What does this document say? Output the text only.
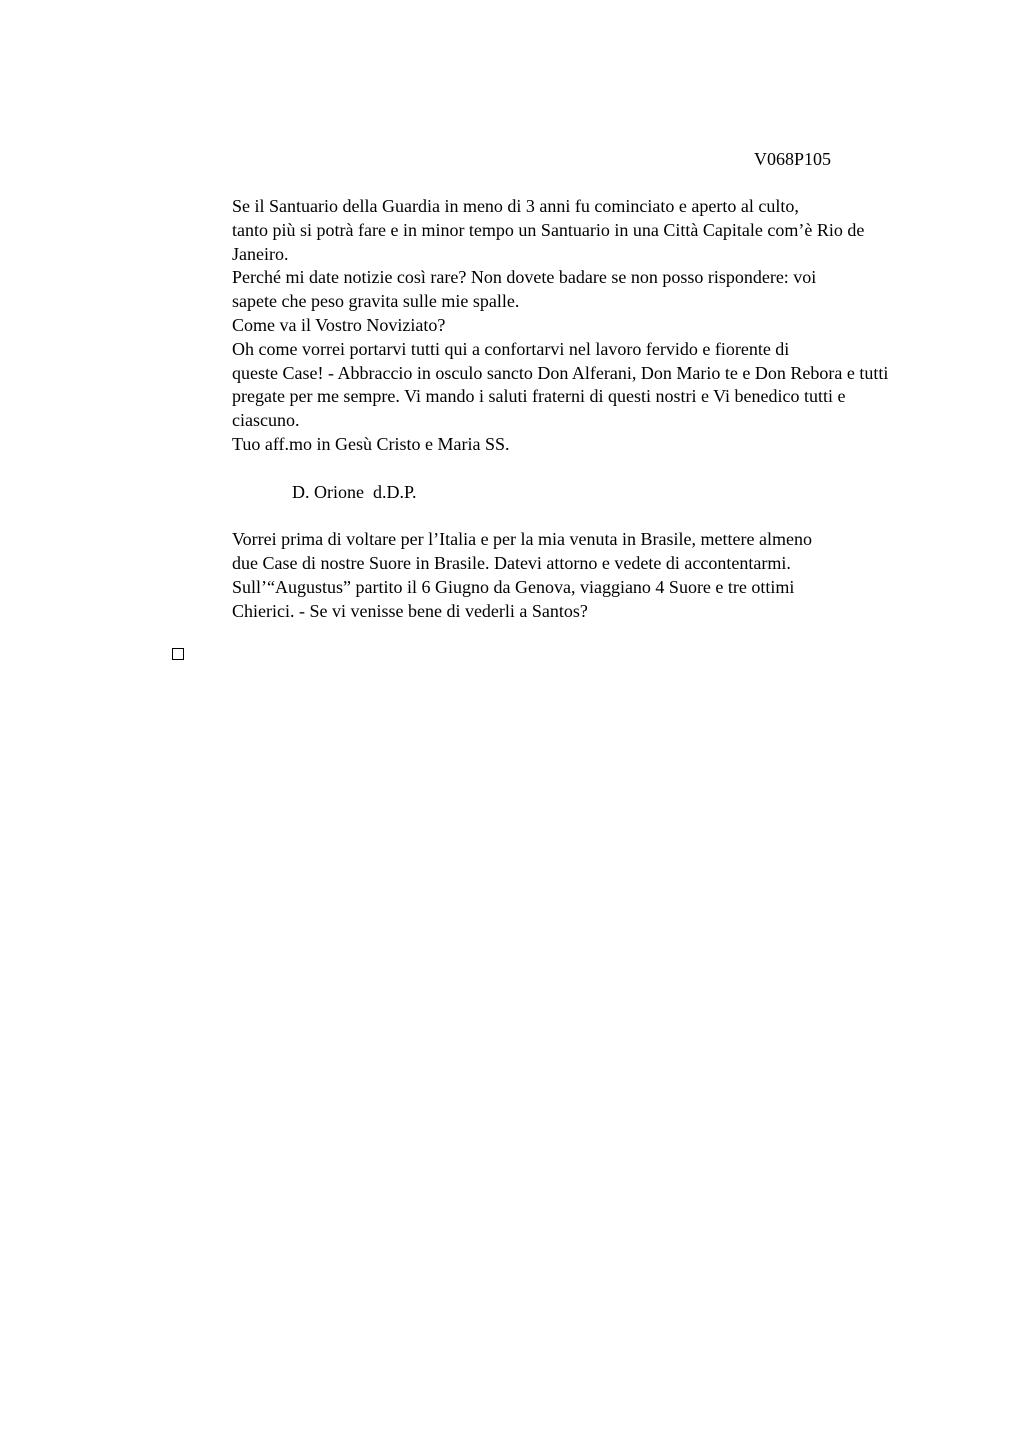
V068P105

Se il Santuario della Guardia in meno di 3 anni fu cominciato e aperto al culto,
tanto più si potrà fare e in minor tempo un Santuario in una Città Capitale com’è Rio de
Janeiro.

Perché mi date notizie così rare? Non dovete badare se non posso rispondere: voi
sapete che peso gravita sulle mie spalle.

Come va il Vostro Noviziato?

Oh come vorrei portarvi tutti qui a confortarvi nel lavoro fervido e fiorente di
queste Case! - Abbraccio in osculo sancto Don Alferani, Don Mario te e Don Rebora e tutti
pregate per me sempre. Vi mando i saluti fraterni di questi nostri e Vi benedico tutti e
ciascuno.

Tuo aff.mo in Gesù Cristo e Maria SS.

D. Orione  d.D.P.

Vorrei prima di voltare per l’Italia e per la mia venuta in Brasile, mettere almeno
due Case di nostre Suore in Brasile. Datevi attorno e vedete di accontentarmi.

Sull’“Augustus” partito il 6 Giugno da Genova, viaggiano 4 Suore e tre ottimi
Chierici. - Se vi venisse bene di vederli a Santos?
